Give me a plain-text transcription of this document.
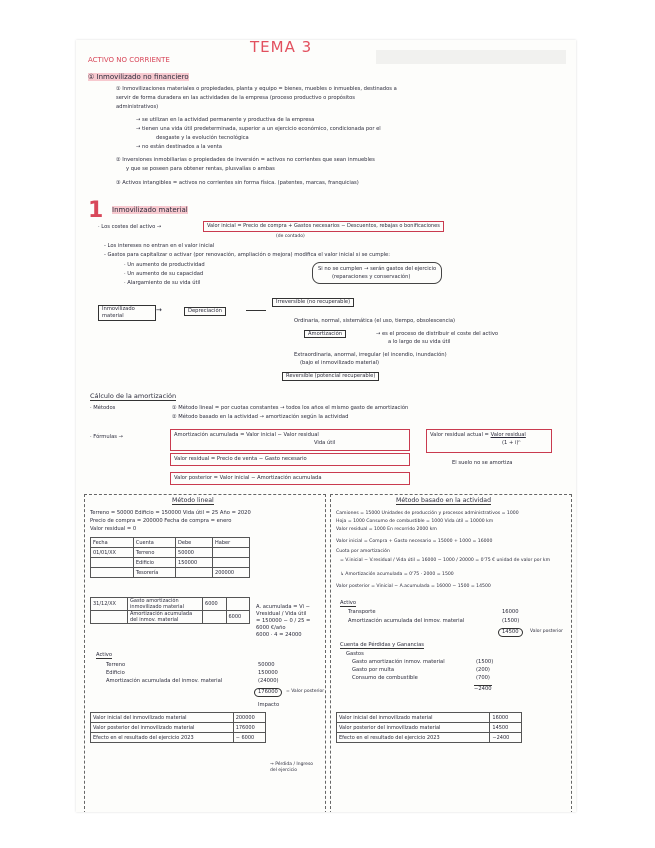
TEMA 3
ACTIVO NO CORRIENTE
① Inmovilizado no financiero
① Inmovilizaciones materiales o propiedades, planta y equipo = bienes, muebles o inmuebles, destinados a
servir de forma duradera en las actividades de la empresa (proceso productivo o propósitos
administrativos)
→ se utilizan en la actividad permanente y productiva de la empresa
→ tienen una vida útil predeterminada, superior a un ejercicio económico, condicionada por el
desgaste y la evolución tecnológica
→ no están destinados a la venta
② Inversiones inmobiliarias o propiedades de inversión = activos no corrientes que sean inmuebles
y que se poseen para obtener rentas, plusvalías o ambas
③ Activos intangibles = activos no corrientes sin forma física. (patentes, marcas, franquicias)
1 Inmovilizado material
· Los costes del activo →	Valor inicial = Precio de compra + Gastos necesarios − Descuentos, rebajas o bonificaciones
(de contado)
- Los intereses no entran en el valor inicial
- Gastos para capitalizar o activar (por renovación, ampliación o mejora) modifica el valor inicial si se cumple:
· Un aumento de productividad
· Un aumento de su capacidad
· Alargamiento de su vida útil
Si no se cumplen → serán gastos del ejercicio
(reparaciones y conservación)
Inmovilizado material
→	Depreciación
Irreversible (no recuperable)
Ordinaria, normal, sistemática (el uso, tiempo, obsolescencia)
Amortización	→ es el proceso de distribuir el coste del activo
a lo largo de su vida útil
Extraordinaria, anormal, irregular (el incendio, inundación)
(bajo el inmovilizado material)
Reversible (potencial recuperable)
Cálculo de la amortización
· Métodos	① Método lineal = por cuotas constantes → todos los años el mismo gasto de amortización
② Método basado en la actividad → amortización según la actividad
· Fórmulas →	Amortización acumulada = Valor inicial − Valor residual
Vida útil
Valor residual = Precio de venta − Gasto necesario
Valor posterior = Valor inicial − Amortización acumulada
Valor residual actual = Valor residual
(1 + i)ⁿ
El suelo no se amortiza
Método lineal
Terreno = 50000 Edificio = 150000 Vida útil = 25 Año = 2020
Precio de compra = 200000 Fecha de compra = enero
Valor residual = 0
Fecha	Cuenta	Debe	Haber
01/01/XX	Terreno	50000	
	Edificio	150000	
	Tesorería		200000
31/12/XX	Gasto amortización inmovilizado material	6000	
	Amortización acumulada del inmov. material		6000
A. acumulada = Vi − Vresidual / Vida útil
= 150000 − 0 / 25 = 6000 €/año
6000 · 4 = 24000
Activo
Terreno	50000
Edificio	150000
Amortización acumulada del inmov. material	(24000)
176000	= Valor posterior
Impacto
Valor inicial del inmovilizado material	200000
Valor posterior del inmovilizado material	176000
Efecto en el resultado del ejercicio 2023	− 6000
→ Pérdida / Ingreso del ejercicio
Método basado en la actividad
Camiones = 15000 Unidades de producción y procesos administrativos = 1000
Hoja = 1000 Consumo de combustible = 1000 Vida útil = 10000 km
Valor residual = 1000 En recorrido 2000 km
Valor inicial = Compra + Gasto necesario = 15000 + 1000 = 16000
Cuota por amortización
= V.inicial − V.residual / Vida útil = 16000 − 1000 / 20000 = 0'75 € unidad de valor por km
↳ Amortización acumulada = 0'75 · 2000 = 1500
Valor posterior = Vinicial − A.acumulada = 16000 − 1500 = 14500
Activo
Transporte	16000
Amortización acumulada del inmov. material	(1500)
14500	Valor posterior
Cuenta de Pérdidas y Ganancias
Gastos
Gasto amortización inmov. material	(1500)
Gasto por multa	(200)
Consumo de combustible	(700)
−2400
Valor inicial del inmovilizado material	16000
Valor posterior del inmovilizado material	14500
Efecto en el resultado del ejercicio 2023	−2400
